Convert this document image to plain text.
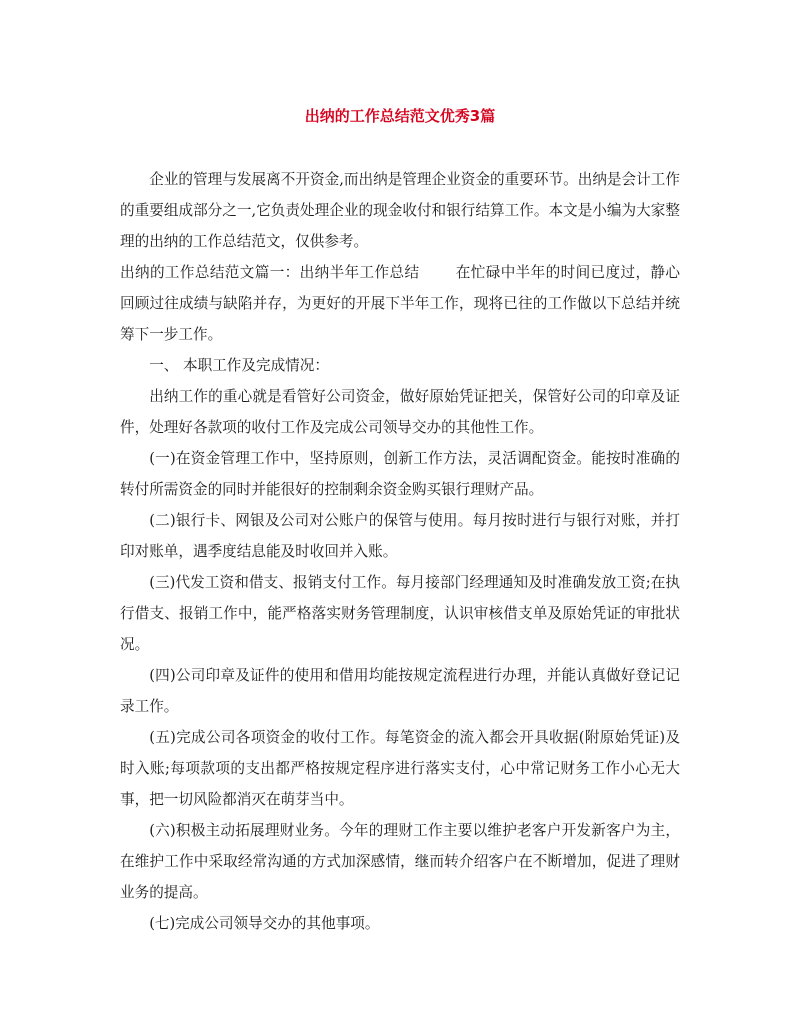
出纳的工作总结范文优秀3篇

企业的管理与发展离不开资金,而出纳是管理企业资金的重要环节。出纳是会计工作的重要组成部分之一,它负责处理企业的现金收付和银行结算工作。本文是小编为大家整理的出纳的工作总结范文，仅供参考。

出纳的工作总结范文篇一：出纳半年工作总结 在忙碌中半年的时间已度过，静心回顾过往成绩与缺陷并存，为更好的开展下半年工作，现将已往的工作做以下总结并统筹下一步工作。

一、 本职工作及完成情况：

出纳工作的重心就是看管好公司资金，做好原始凭证把关，保管好公司的印章及证件，处理好各款项的收付工作及完成公司领导交办的其他性工作。

(一)在资金管理工作中，坚持原则，创新工作方法，灵活调配资金。能按时准确的转付所需资金的同时并能很好的控制剩余资金购买银行理财产品。

(二)银行卡、网银及公司对公账户的保管与使用。每月按时进行与银行对账，并打印对账单，遇季度结息能及时收回并入账。

(三)代发工资和借支、报销支付工作。每月接部门经理通知及时准确发放工资;在执行借支、报销工作中，能严格落实财务管理制度，认识审核借支单及原始凭证的审批状况。

(四)公司印章及证件的使用和借用均能按规定流程进行办理，并能认真做好登记记录工作。

(五)完成公司各项资金的收付工作。每笔资金的流入都会开具收据(附原始凭证)及时入账;每项款项的支出都严格按规定程序进行落实支付，心中常记财务工作小心无大事，把一切风险都消灭在萌芽当中。

(六)积极主动拓展理财业务。今年的理财工作主要以维护老客户开发新客户为主，在维护工作中采取经常沟通的方式加深感情，继而转介绍客户在不断增加，促进了理财业务的提高。

(七)完成公司领导交办的其他事项。
